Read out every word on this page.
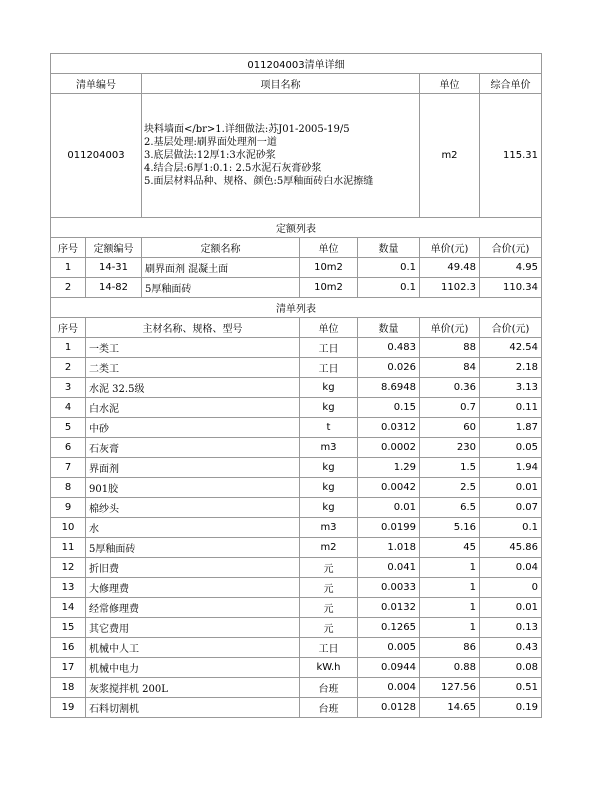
011204003清单详细						
清单编号		项目名称			单位	综合单价
011204003		块料墙面</br>1.详细做法:苏J01-2005-19/5
2.基层处理:刷界面处理剂一道
3.底层做法:12厚1:3水泥砂浆
4.结合层:6厚1:0.1: 2.5水泥石灰膏砂浆
5.面层材料品种、规格、颜色:5厚釉面砖白水泥擦缝			m2	115.31
定额列表						
序号	定额编号	定额名称	单位	数量	单价(元)	合价(元)
1	14-31	刷界面剂 混凝土面	10m2	0.1	49.48	4.95
2	14-82	5厚釉面砖	10m2	0.1	1102.3	110.34
清单列表						
序号	主材名称、规格、型号		单位	数量	单价(元)	合价(元)
1	一类工		工日	0.483	88	42.54
2	二类工		工日	0.026	84	2.18
3	水泥 32.5级		kg	8.6948	0.36	3.13
4	白水泥		kg	0.15	0.7	0.11
5	中砂		t	0.0312	60	1.87
6	石灰膏		m3	0.0002	230	0.05
7	界面剂		kg	1.29	1.5	1.94
8	901胶		kg	0.0042	2.5	0.01
9	棉纱头		kg	0.01	6.5	0.07
10	水		m3	0.0199	5.16	0.1
11	5厚釉面砖		m2	1.018	45	45.86
12	折旧费		元	0.041	1	0.04
13	大修理费		元	0.0033	1	0
14	经常修理费		元	0.0132	1	0.01
15	其它费用		元	0.1265	1	0.13
16	机械中人工		工日	0.005	86	0.43
17	机械中电力		kW.h	0.0944	0.88	0.08
18	灰浆搅拌机 200L		台班	0.004	127.56	0.51
19	石料切割机		台班	0.0128	14.65	0.19
